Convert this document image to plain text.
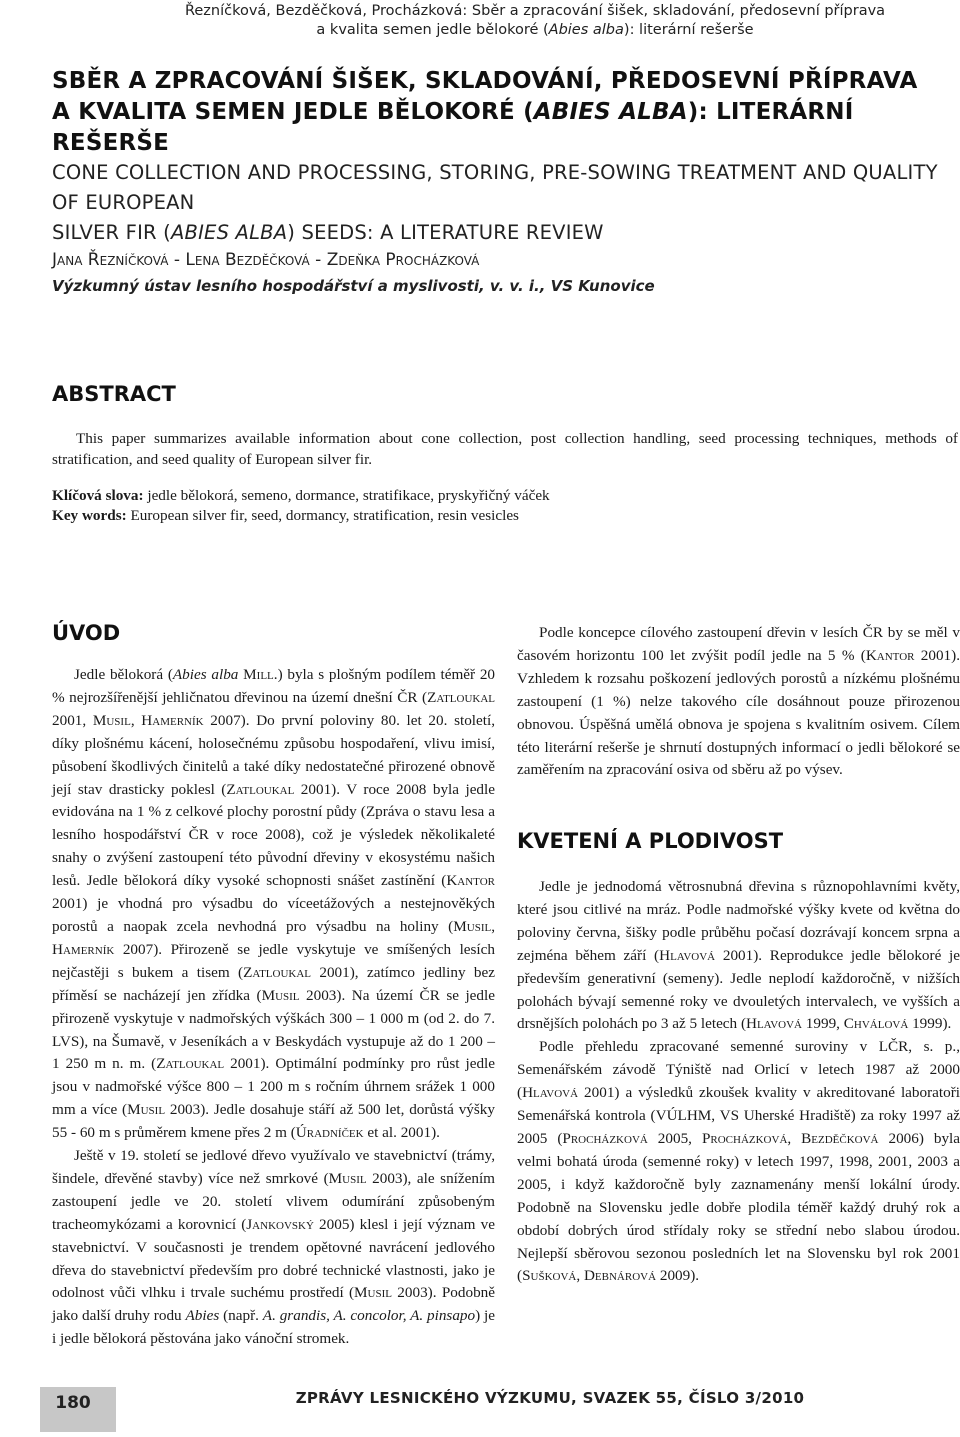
Řezníčková, Bezděčková, Procházková: Sběr a zpracování šišek, skladování, předosevní příprava
a kvalita semen jedle bělokoré (Abies alba): literární rešerše
SBĚR A ZPRACOVÁNÍ ŠIŠEK, SKLADOVÁNÍ, PŘEDOSEVNÍ PŘÍPRAVA
A KVALITA SEMEN JEDLE BĚLOKORÉ (ABIES ALBA): LITERÁRNÍ REŠERŠE
CONE COLLECTION AND PROCESSING, STORING, PRE-SOWING TREATMENT AND QUALITY OF EUROPEAN
SILVER FIR (ABIES ALBA) SEEDS: A LITERATURE REVIEW
Jana Řezníčková - Lena Bezděčková - Zdeňka Procházková
Výzkumný ústav lesního hospodářství a myslivosti, v. v. i., VS Kunovice
ABSTRACT
This paper summarizes available information about cone collection, post collection handling, seed processing techniques, methods of stratification, and seed quality of European silver fir.
Klíčová slova: jedle bělokorá, semeno, dormance, stratifikace, pryskyřičný váček
Key words: European silver fir, seed, dormancy, stratification, resin vesicles
ÚVOD

Jedle bělokorá (Abies alba Mill.) byla s plošným podílem téměř 20 % nejrozšířenější jehličnatou dřevinou na území dnešní ČR (Zatloukal 2001, Musil, Hamerník 2007). Do první poloviny 80. let 20. století, díky plošnému kácení, holosečnému způsobu hospodaření, vlivu imisí, působení škodlivých činitelů a také díky nedostatečné přirozené obnově její stav drasticky poklesl (Zatloukal 2001). V roce 2008 byla jedle evidována na 1 % z celkové plochy porostní půdy (Zpráva o stavu lesa a lesního hospodářství ČR v roce 2008), což je výsledek několikaleté snahy o zvýšení zastoupení této původní dřeviny v ekosystému našich lesů. Jedle bělokorá díky vysoké schopnosti snášet zastínění (Kantor 2001) je vhodná pro výsadbu do víceetážových a nestejnověkých porostů a naopak zcela nevhodná pro výsadbu na holiny (Musil, Hamerník 2007). Přirozeně se jedle vyskytuje ve smíšených lesích nejčastěji s bukem a tisem (Zatloukal 2001), zatímco jedliny bez příměsí se nacházejí jen zřídka (Musil 2003). Na území ČR se jedle přirozeně vyskytuje v nadmořských výškách 300 – 1 000 m (od 2. do 7. LVS), na Šumavě, v Jeseníkách a v Beskydách vystupuje až do 1 200 – 1 250 m n. m. (Zatloukal 2001). Optimální podmínky pro růst jedle jsou v nadmořské výšce 800 – 1 200 m s ročním úhrnem srážek 1 000 mm a více (Musil 2003). Jedle dosahuje stáří až 500 let, dorůstá výšky 55 - 60 m s průměrem kmene přes 2 m (Úradníček et al. 2001).

Ještě v 19. století se jedlové dřevo využívalo ve stavebnictví (trámy, šindele, dřevěné stavby) více než smrkové (Musil 2003), ale snížením zastoupení jedle ve 20. století vlivem odumírání způsobeným tracheomykózami a korovnicí (Jankovský 2005) klesl i její význam ve stavebnictví. V současnosti je trendem opětovné navrácení jedlového dřeva do stavebnictví především pro dobré technické vlastnosti, jako je odolnost vůči vlhku i trvale suchému prostředí (Musil 2003). Podobně jako další druhy rodu Abies (např. A. grandis, A. concolor, A. pinsapo) je i jedle bělokorá pěstována jako vánoční stromek.

Podle koncepce cílového zastoupení dřevin v lesích ČR by se měl v časovém horizontu 100 let zvýšit podíl jedle na 5 % (Kantor 2001). Vzhledem k rozsahu poškození jedlových porostů a nízkému plošnému zastoupení (1 %) nelze takového cíle dosáhnout pouze přirozenou obnovou. Úspěšná umělá obnova je spojena s kvalitním osivem. Cílem této literární rešerše je shrnutí dostupných informací o jedli bělokoré se zaměřením na zpracování osiva od sběru až po výsev.

KVETENÍ A PLODIVOST

Jedle je jednodomá větrosnubná dřevina s různopohlavními květy, které jsou citlivé na mráz. Podle nadmořské výšky kvete od května do poloviny června, šišky podle průběhu počasí dozrávají koncem srpna a zejména během září (Hlavová 2001). Reprodukce jedle bělokoré je především generativní (semeny). Jedle neplodí každoročně, v nižších polohách bývají semenné roky ve dvouletých intervalech, ve vyšších a drsnějších polohách po 3 až 5 letech (Hlavová 1999, Chválová 1999).

Podle přehledu zpracované semenné suroviny v LČR, s. p., Semenářském závodě Týniště nad Orlicí v letech 1987 až 2000 (Hlavová 2001) a výsledků zkoušek kvality v akreditované laboratoři Semenářská kontrola (VÚLHM, VS Uherské Hradiště) za roky 1997 až 2005 (Procházková 2005, Procházková, Bezděčková 2006) byla velmi bohatá úroda (semenné roky) v letech 1997, 1998, 2001, 2003 a 2005, i když každoročně byly zaznamenány menší lokální úrody. Podobně na Slovensku jedle dobře plodila téměř každý druhý rok a období dobrých úrod střídaly roky se střední nebo slabou úrodou. Nejlepší sběrovou sezonou posledních let na Slovensku byl rok 2001 (Sušková, Debnárová 2009).

180	ZPRÁVY LESNICKÉHO VÝZKUMU, SVAZEK 55, ČÍSLO 3/2010
